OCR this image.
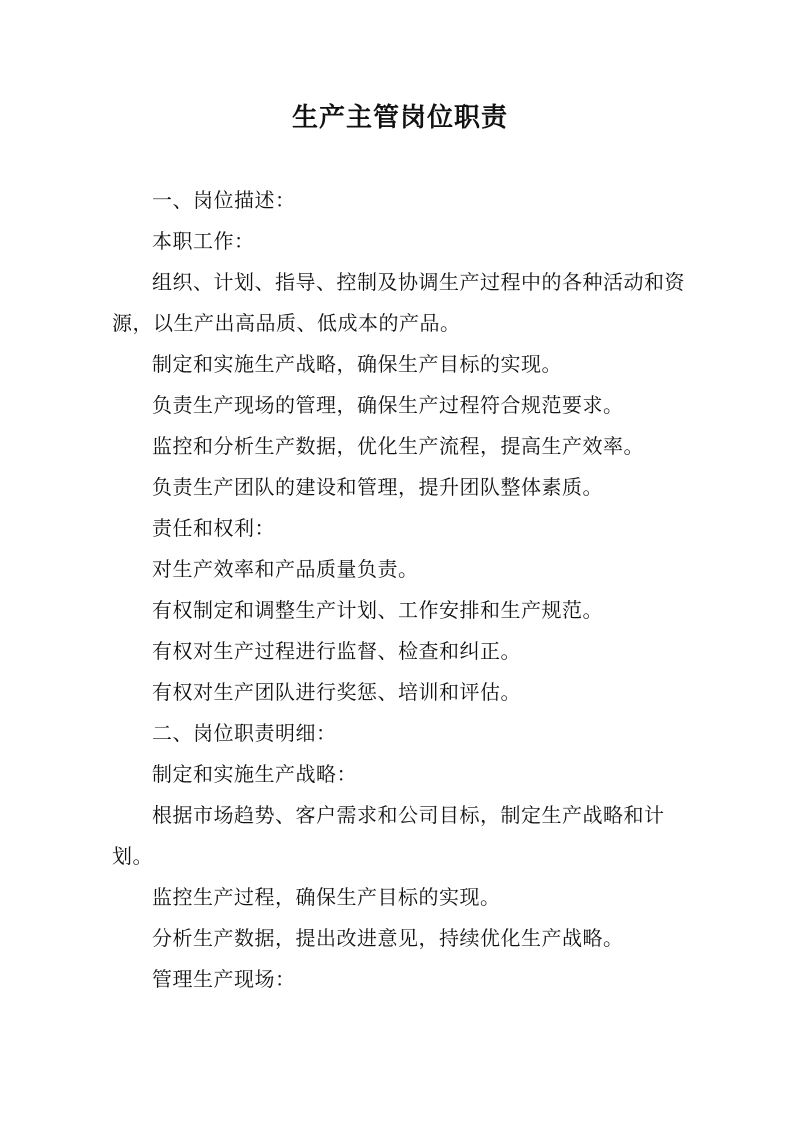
生产主管岗位职责

一、岗位描述：

本职工作：

组织、计划、指导、控制及协调生产过程中的各种活动和资源，以生产出高品质、低成本的产品。

制定和实施生产战略，确保生产目标的实现。

负责生产现场的管理，确保生产过程符合规范要求。

监控和分析生产数据，优化生产流程，提高生产效率。

负责生产团队的建设和管理，提升团队整体素质。

责任和权利：

对生产效率和产品质量负责。

有权制定和调整生产计划、工作安排和生产规范。

有权对生产过程进行监督、检查和纠正。

有权对生产团队进行奖惩、培训和评估。

二、岗位职责明细：

制定和实施生产战略：

根据市场趋势、客户需求和公司目标，制定生产战略和计划。

监控生产过程，确保生产目标的实现。

分析生产数据，提出改进意见，持续优化生产战略。

管理生产现场：
